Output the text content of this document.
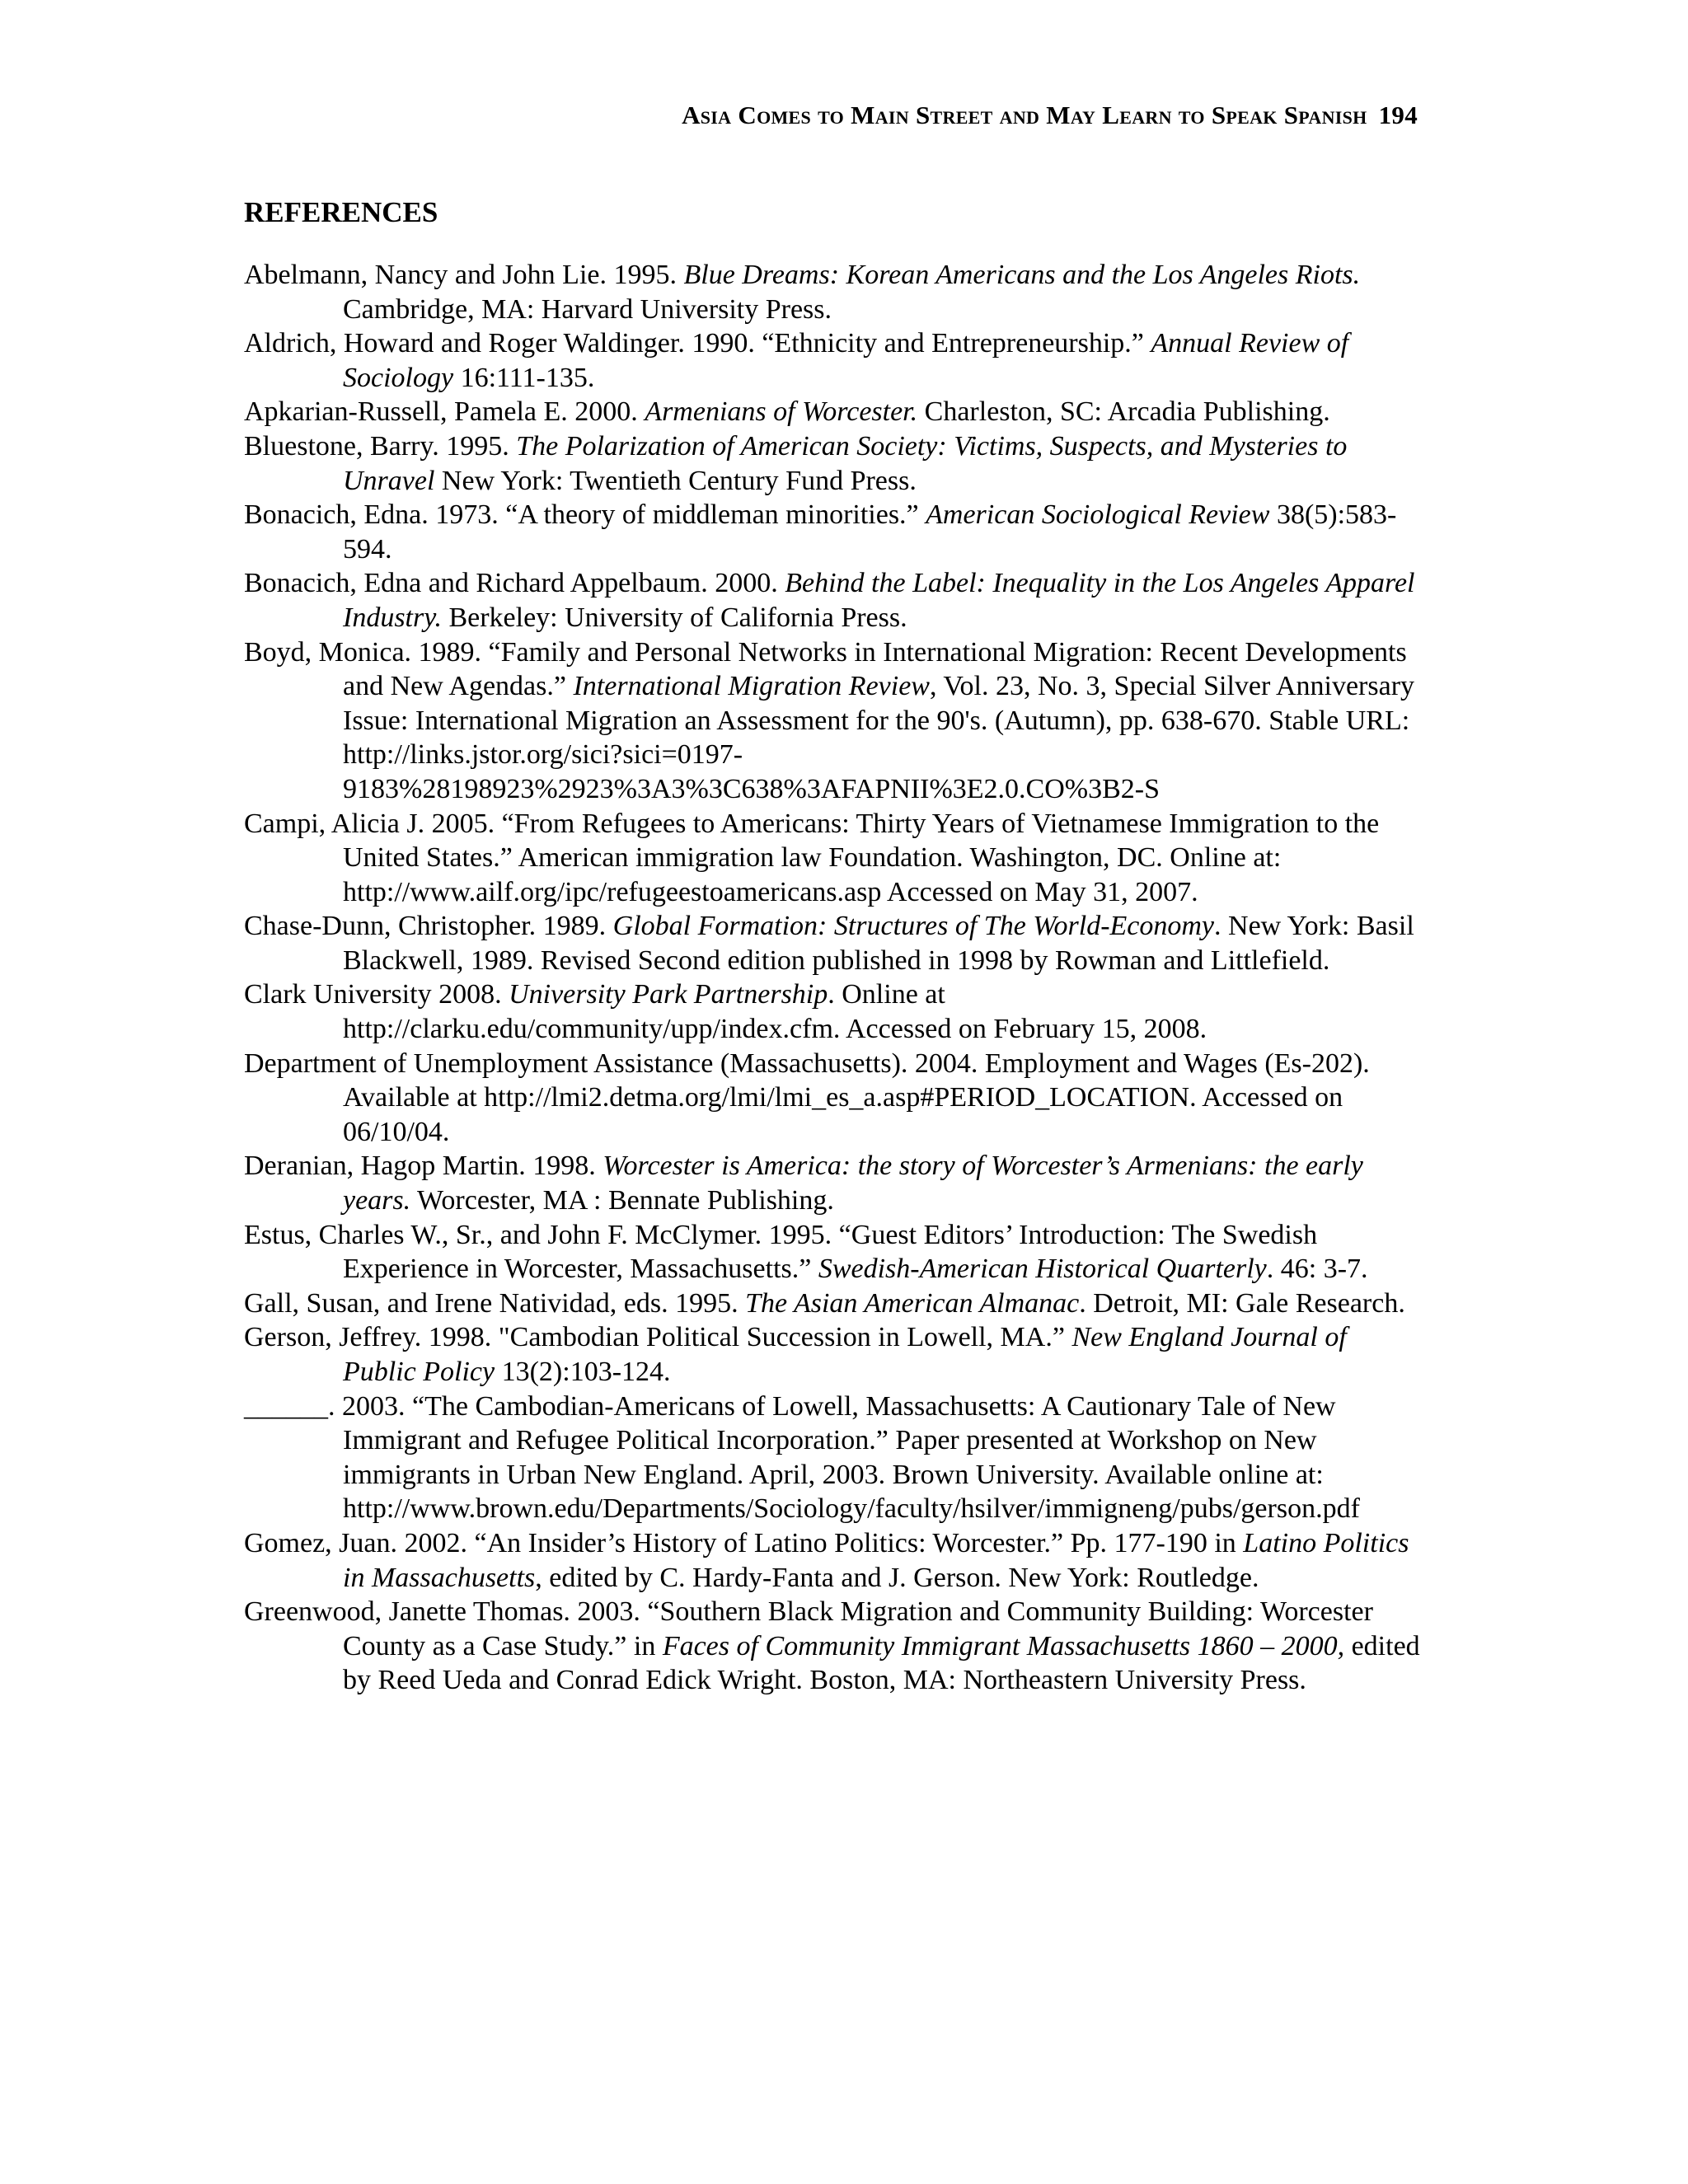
Asia Comes to Main Street and May Learn to Speak Spanish 194
REFERENCES
Abelmann, Nancy and John Lie. 1995. Blue Dreams: Korean Americans and the Los Angeles Riots. Cambridge, MA: Harvard University Press.
Aldrich, Howard and Roger Waldinger. 1990. “Ethnicity and Entrepreneurship.” Annual Review of Sociology 16:111-135.
Apkarian-Russell, Pamela E. 2000. Armenians of Worcester. Charleston, SC: Arcadia Publishing.
Bluestone, Barry. 1995. The Polarization of American Society: Victims, Suspects, and Mysteries to Unravel New York: Twentieth Century Fund Press.
Bonacich, Edna. 1973. “A theory of middleman minorities.” American Sociological Review 38(5):583-594.
Bonacich, Edna and Richard Appelbaum. 2000. Behind the Label: Inequality in the Los Angeles Apparel Industry. Berkeley: University of California Press.
Boyd, Monica. 1989. “Family and Personal Networks in International Migration: Recent Developments and New Agendas.” International Migration Review, Vol. 23, No. 3, Special Silver Anniversary Issue: International Migration an Assessment for the 90's. (Autumn), pp. 638-670. Stable URL: http://links.jstor.org/sici?sici=0197-9183%28198923%2923%3A3%3C638%3AFAPNII%3E2.0.CO%3B2-S
Campi, Alicia J. 2005. “From Refugees to Americans: Thirty Years of Vietnamese Immigration to the United States.” American immigration law Foundation. Washington, DC. Online at: http://www.ailf.org/ipc/refugeestoamericans.asp Accessed on May 31, 2007.
Chase-Dunn, Christopher. 1989. Global Formation: Structures of The World-Economy. New York: Basil Blackwell, 1989. Revised Second edition published in 1998 by Rowman and Littlefield.
Clark University 2008. University Park Partnership. Online at http://clarku.edu/community/upp/index.cfm. Accessed on February 15, 2008.
Department of Unemployment Assistance (Massachusetts). 2004. Employment and Wages (Es-202). Available at http://lmi2.detma.org/lmi/lmi_es_a.asp#PERIOD_LOCATION. Accessed on 06/10/04.
Deranian, Hagop Martin. 1998. Worcester is America: the story of Worcester’s Armenians: the early years. Worcester, MA : Bennate Publishing.
Estus, Charles W., Sr., and John F. McClymer. 1995. “Guest Editors’ Introduction: The Swedish Experience in Worcester, Massachusetts.” Swedish-American Historical Quarterly. 46: 3-7.
Gall, Susan, and Irene Natividad, eds. 1995. The Asian American Almanac. Detroit, MI: Gale Research.
Gerson, Jeffrey. 1998. "Cambodian Political Succession in Lowell, MA.” New England Journal of Public Policy 13(2):103-124.
______. 2003. “The Cambodian-Americans of Lowell, Massachusetts: A Cautionary Tale of New Immigrant and Refugee Political Incorporation.” Paper presented at Workshop on New immigrants in Urban New England. April, 2003. Brown University. Available online at: http://www.brown.edu/Departments/Sociology/faculty/hsilver/immigneng/pubs/gerson.pdf
Gomez, Juan. 2002. “An Insider’s History of Latino Politics: Worcester.” Pp. 177-190 in Latino Politics in Massachusetts, edited by C. Hardy-Fanta and J. Gerson. New York: Routledge.
Greenwood, Janette Thomas. 2003. “Southern Black Migration and Community Building: Worcester County as a Case Study.” in Faces of Community Immigrant Massachusetts 1860 – 2000, edited by Reed Ueda and Conrad Edick Wright. Boston, MA: Northeastern University Press.
